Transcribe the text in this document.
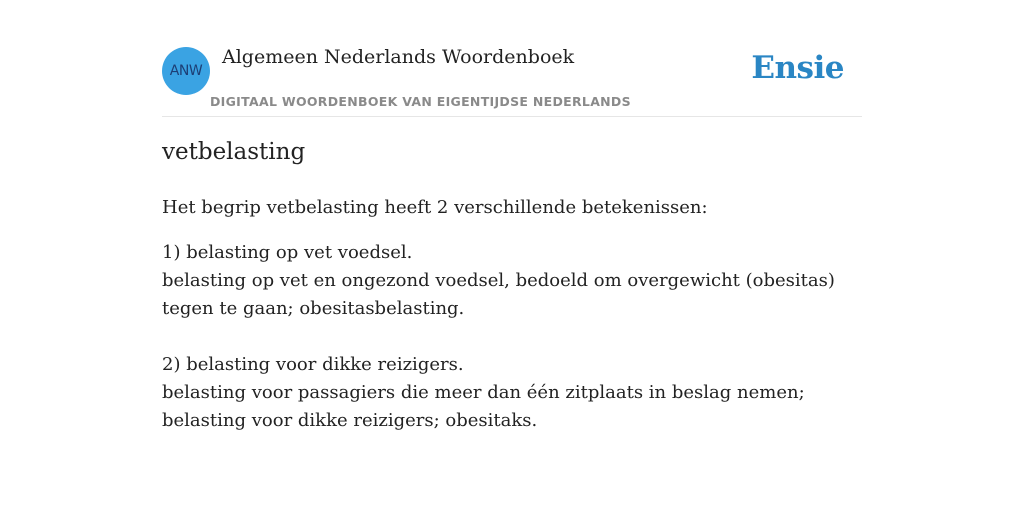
ANW
Algemeen Nederlands Woordenboek
DIGITAAL WOORDENBOEK VAN EIGENTIJDSE NEDERLANDS
Ensie
vetbelasting

Het begrip vetbelasting heeft 2 verschillende betekenissen:

1) belasting op vet voedsel.
belasting op vet en ongezond voedsel, bedoeld om overgewicht (obesitas) tegen te gaan; obesitasbelasting.
2) belasting voor dikke reizigers.
belasting voor passagiers die meer dan één zitplaats in beslag nemen; belasting voor dikke reizigers; obesitaks.
